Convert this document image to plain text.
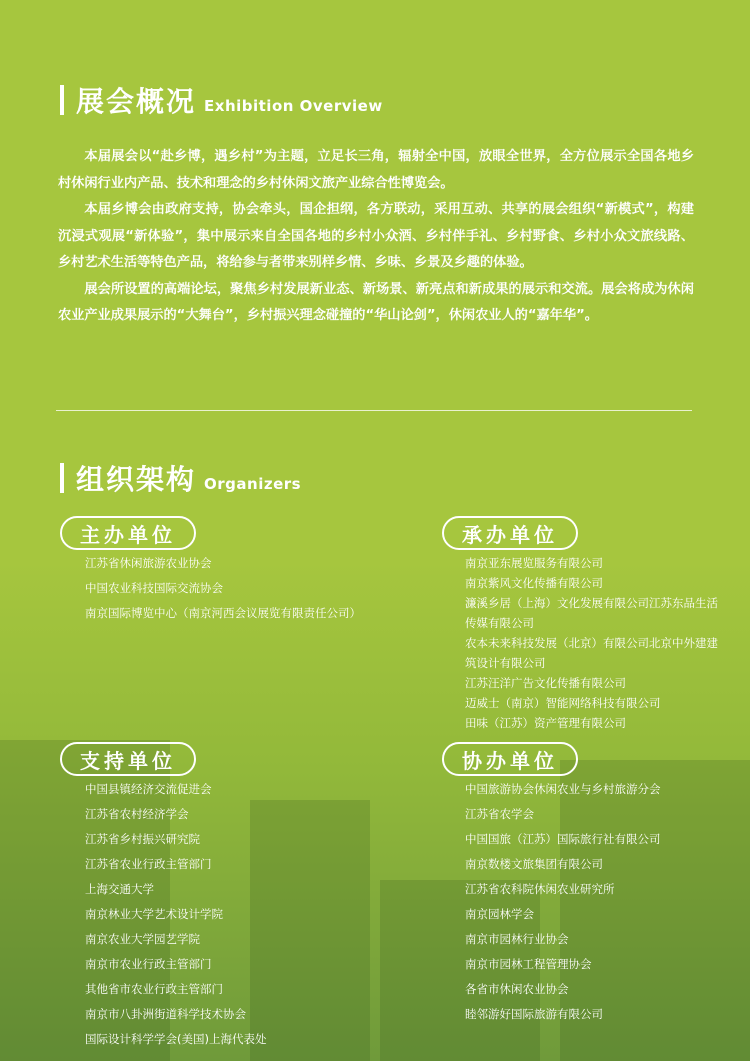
展会概况 Exhibition Overview

本届展会以“赴乡博，遇乡村”为主题，立足长三角，辐射全中国，放眼全世界，全方位展示全国各地乡村休闲行业内产品、技术和理念的乡村休闲文旅产业综合性博览会。

本届乡博会由政府支持，协会牵头，国企担纲，各方联动，采用互动、共享的展会组织“新模式”，构建沉浸式观展“新体验”，集中展示来自全国各地的乡村小众酒、乡村伴手礼、乡村野食、乡村小众文旅线路、乡村艺术生活等特色产品，将给参与者带来别样乡情、乡味、乡景及乡趣的体验。

展会所设置的高端论坛，聚焦乡村发展新业态、新场景、新亮点和新成果的展示和交流。展会将成为休闲农业产业成果展示的“大舞台”，乡村振兴理念碰撞的“华山论剑”，休闲农业人的“嘉年华”。

组织架构 Organizers
主办单位
江苏省休闲旅游农业协会
中国农业科技国际交流协会
南京国际博览中心（南京河西会议展览有限责任公司）
承办单位
南京亚东展览服务有限公司
南京紫风文化传播有限公司
濂溪乡居（上海）文化发展有限公司江苏东品生活传媒有限公司
农本未来科技发展（北京）有限公司北京中外建建筑设计有限公司
江苏汪洋广告文化传播有限公司
迈威士（南京）智能网络科技有限公司
田味（江苏）资产管理有限公司
支持单位
中国县镇经济交流促进会
江苏省农村经济学会
江苏省乡村振兴研究院
江苏省农业行政主管部门
上海交通大学
南京林业大学艺术设计学院
南京农业大学园艺学院
南京市农业行政主管部门
其他省市农业行政主管部门
南京市八卦洲街道科学技术协会
国际设计科学学会(美国)上海代表处
协办单位
中国旅游协会休闲农业与乡村旅游分会
江苏省农学会
中国国旅（江苏）国际旅行社有限公司
南京数楼文旅集团有限公司
江苏省农科院休闲农业研究所
南京园林学会
南京市园林行业协会
南京市园林工程管理协会
各省市休闲农业协会
睦邻游好国际旅游有限公司
